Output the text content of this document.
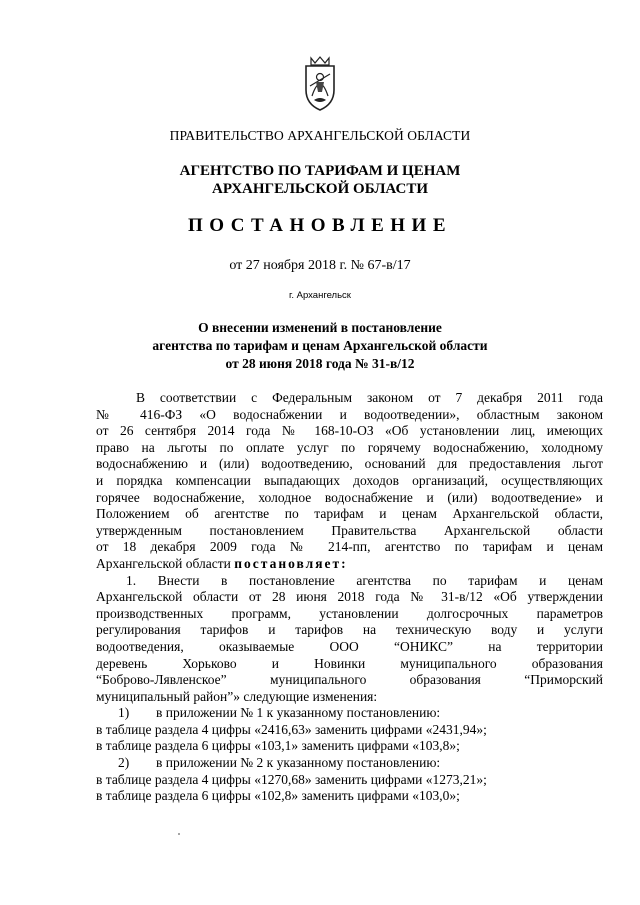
ПРАВИТЕЛЬСТВО АРХАНГЕЛЬСКОЙ ОБЛАСТИ
АГЕНТСТВО ПО ТАРИФАМ И ЦЕНАМ
АРХАНГЕЛЬСКОЙ ОБЛАСТИ
ПОСТАНОВЛЕНИЕ
от 27 ноября 2018 г. № 67-в/17
г. Архангельск
О внесении изменений в постановление
агентства по тарифам и ценам Архангельской области
от 28 июня 2018 года № 31-в/12

В соответствии с Федеральным законом от 7 декабря 2011 года

№ 416-ФЗ «О водоснабжении и водоотведении», областным законом

от 26 сентября 2014 года № 168-10-ОЗ «Об установлении лиц, имеющих

право на льготы по оплате услуг по горячему водоснабжению, холодному

водоснабжению и (или) водоотведению, оснований для предоставления льгот

и порядка компенсации выпадающих доходов организаций, осуществляющих

горячее водоснабжение, холодное водоснабжение и (или) водоотведение» и

Положением об агентстве по тарифам и ценам Архангельской области,

утвержденным постановлением Правительства Архангельской области

от 18 декабря 2009 года № 214-пп, агентство по тарифам и ценам

Архангельской области постановляет:

1. Внести в постановление агентства по тарифам и ценам

Архангельской области от 28 июня 2018 года № 31-в/12 «Об утверждении

производственных программ, установлении долгосрочных параметров

регулирования тарифов и тарифов на техническую воду и услуги

водоотведения, оказываемые ООО “ОНИКС” на территории

деревень Хорьково и Новинки муниципального образования

“Боброво-Лявленское” муниципального образования “Приморский

муниципальный район”» следующие изменения:

1) в приложении № 1 к указанному постановлению:

в таблице раздела 4 цифры «2416,63» заменить цифрами «2431,94»;

в таблице раздела 6 цифры «103,1» заменить цифрами «103,8»;

2) в приложении № 2 к указанному постановлению:

в таблице раздела 4 цифры «1270,68» заменить цифрами «1273,21»;

в таблице раздела 6 цифры «102,8» заменить цифрами «103,0»;
